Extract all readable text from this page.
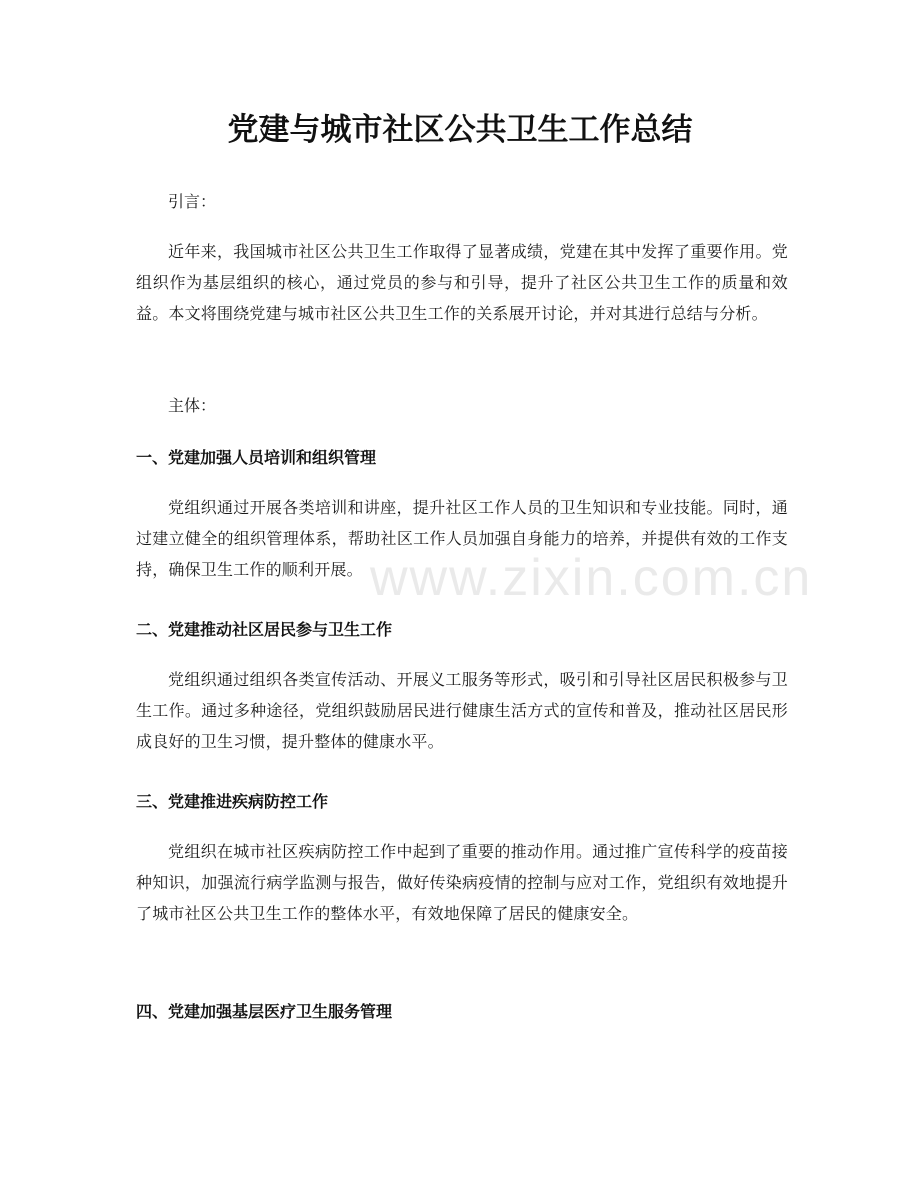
党建与城市社区公共卫生工作总结

引言：

近年来，我国城市社区公共卫生工作取得了显著成绩，党建在其中发挥了重要作用。党组织作为基层组织的核心，通过党员的参与和引导，提升了社区公共卫生工作的质量和效益。本文将围绕党建与城市社区公共卫生工作的关系展开讨论，并对其进行总结与分析。

主体：

一、党建加强人员培训和组织管理

党组织通过开展各类培训和讲座，提升社区工作人员的卫生知识和专业技能。同时，通过建立健全的组织管理体系，帮助社区工作人员加强自身能力的培养，并提供有效的工作支持，确保卫生工作的顺利开展。

二、党建推动社区居民参与卫生工作

党组织通过组织各类宣传活动、开展义工服务等形式，吸引和引导社区居民积极参与卫生工作。通过多种途径，党组织鼓励居民进行健康生活方式的宣传和普及，推动社区居民形成良好的卫生习惯，提升整体的健康水平。

三、党建推进疾病防控工作

党组织在城市社区疾病防控工作中起到了重要的推动作用。通过推广宣传科学的疫苗接种知识，加强流行病学监测与报告，做好传染病疫情的控制与应对工作，党组织有效地提升了城市社区公共卫生工作的整体水平，有效地保障了居民的健康安全。

四、党建加强基层医疗卫生服务管理
www.zixin.com.cn
